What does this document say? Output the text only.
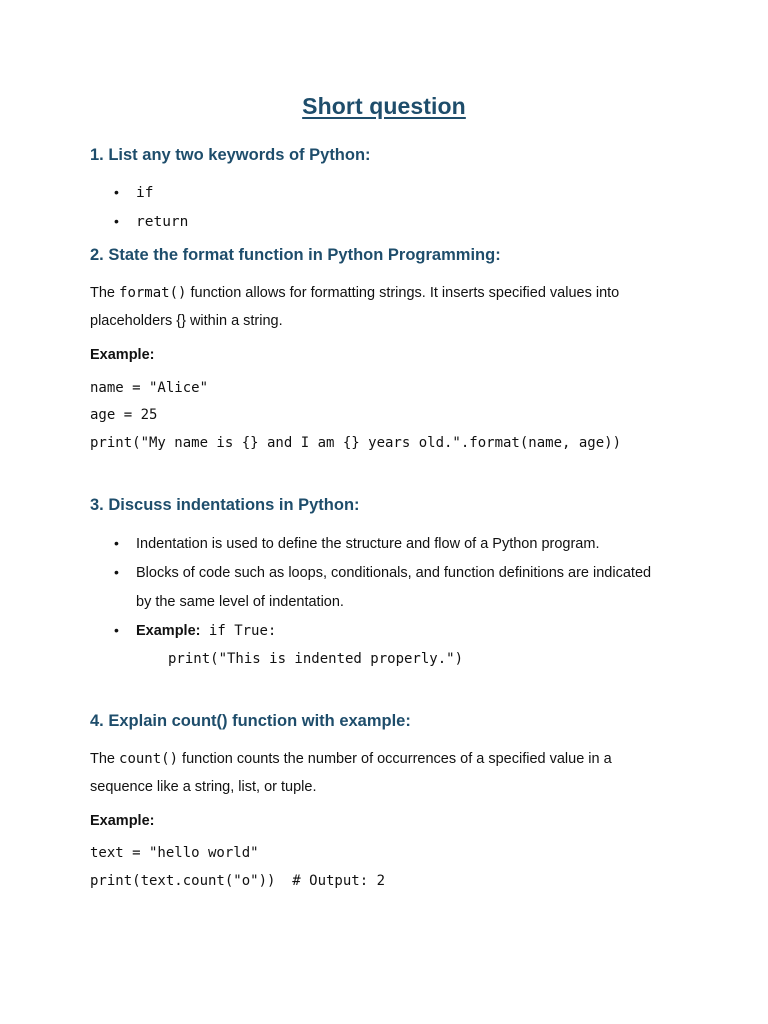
Short question
1. List any two keywords of Python:
• if
• return
2. State the format function in Python Programming:
The format() function allows for formatting strings. It inserts specified values into
placeholders {} within a string.
Example:
name = "Alice"
age = 25
print("My name is {} and I am {} years old.".format(name, age))
3. Discuss indentations in Python:
• Indentation is used to define the structure and flow of a Python program.
• Blocks of code such as loops, conditionals, and function definitions are indicated
by the same level of indentation.
• Example: if True:
print("This is indented properly.")
4. Explain count() function with example:
The count() function counts the number of occurrences of a specified value in a
sequence like a string, list, or tuple.
Example:
text = "hello world"
print(text.count("o"))  # Output: 2
